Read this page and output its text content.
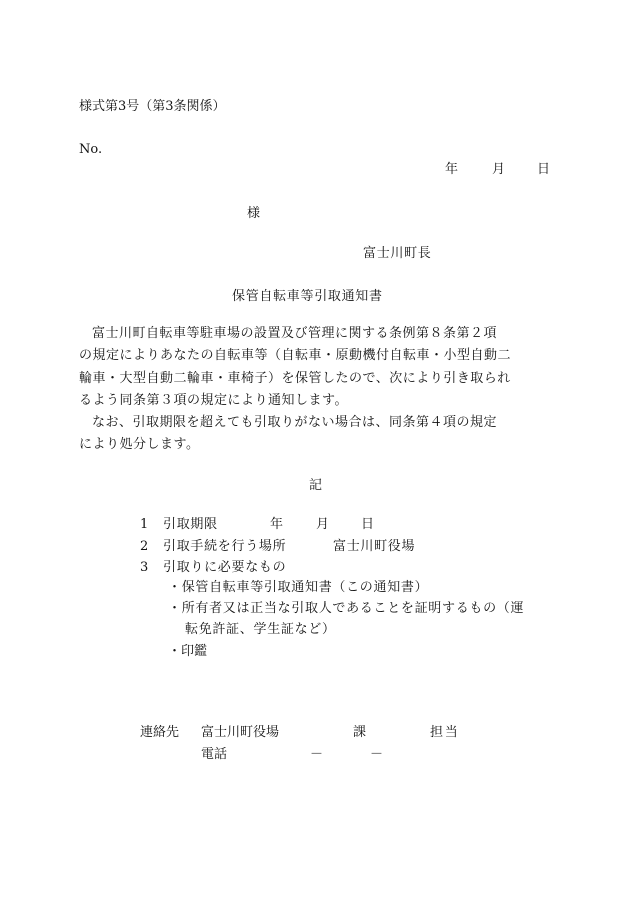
様式第3号（第3条関係）
No.
年	月 日
様
富士川町長
保管自転車等引取通知書
富士川町自転車等駐車場の設置及び管理に関する条例第８条第２項
の規定によりあなたの自転車等（自転車・原動機付自転車・小型自動二
輪車・大型自動二輪車・車椅子）を保管したので、次により引き取られ
るよう同条第３項の規定により通知します。
なお、引取期限を超えても引取りがない場合は、同条第４項の規定
により処分します。
記
1 引取期限	年	月 日
2 引取手続を行う場所	富士川町役場
3 引取りに必要なもの
・保管自転車等引取通知書（この通知書）
・所有者又は正当な引取人であることを証明するもの（運
転免許証、学生証など）
・印鑑
連絡先 富士川町役場	課	担当
電話	－	－
